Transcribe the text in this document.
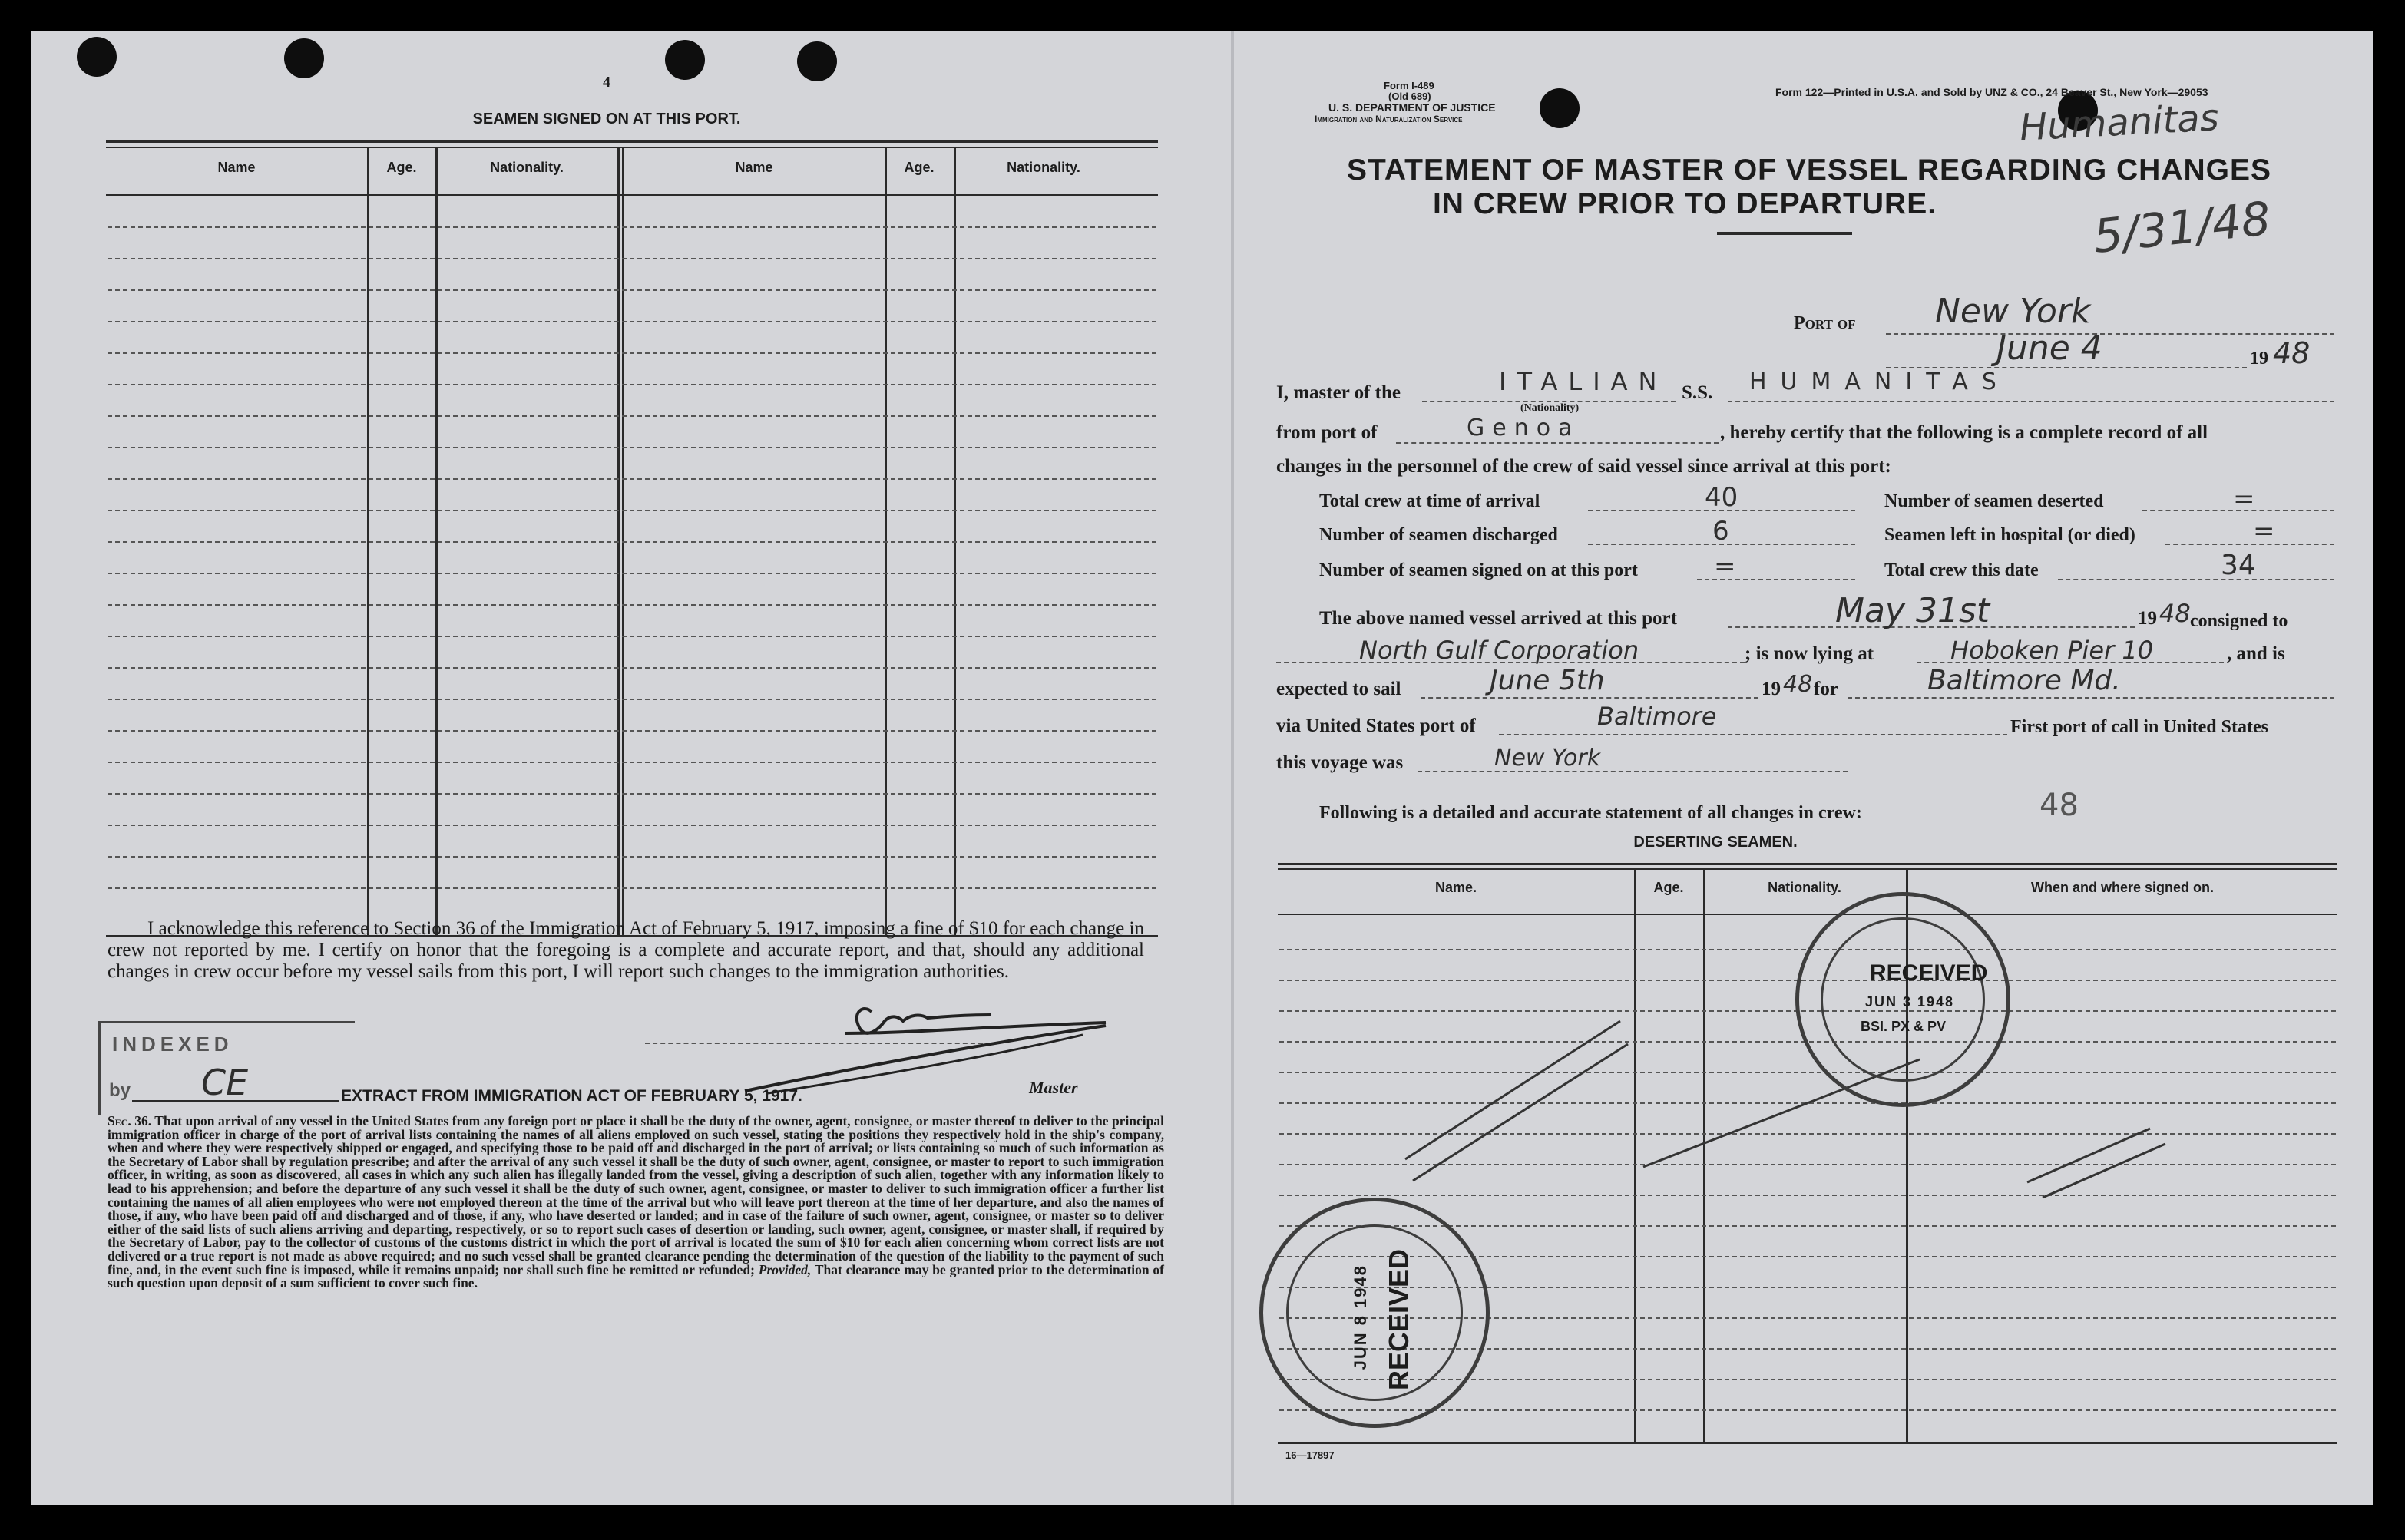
4
SEAMEN SIGNED ON AT THIS PORT.
Name	Age.	Nationality.	Name	Age.	Nationality.
I acknowledge this reference to Section 36 of the Immigration Act of February 5, 1917, imposing a fine of $10 for each change in crew not reported by me. I certify on honor that the foregoing is a complete and accurate report, and that, should any additional changes in crew occur before my vessel sails from this port, I will report such changes to the immigration authorities.
Master
INDEXED
by CE	EXTRACT FROM IMMIGRATION ACT OF FEBRUARY 5, 1917.
Sec. 36. That upon arrival of any vessel in the United States from any foreign port or place it shall be the duty of the owner, agent, consignee, or master thereof to deliver to the principal immigration officer in charge of the port of arrival lists containing the names of all aliens employed on such vessel, stating the positions they respectively hold in the ship's company, when and where they were respectively shipped or engaged, and specifying those to be paid off and discharged in the port of arrival; or lists containing so much of such information as the Secretary of Labor shall by regulation prescribe; and after the arrival of any such vessel it shall be the duty of such owner, agent, consignee, or master to report to such immigration officer, in writing, as soon as discovered, all cases in which any such alien has illegally landed from the vessel, giving a description of such alien, together with any information likely to lead to his apprehension; and before the departure of any such vessel it shall be the duty of such owner, agent, consignee, or master to deliver to such immigration officer a further list containing the names of all alien employees who were not employed thereon at the time of the arrival but who will leave port thereon at the time of her departure, and also the names of those, if any, who have been paid off and discharged and of those, if any, who have deserted or landed; and in case of the failure of such owner, agent, consignee, or master so to deliver either of the said lists of such aliens arriving and departing, respectively, or so to report such cases of desertion or landing, such owner, agent, consignee, or master shall, if required by the Secretary of Labor, pay to the collector of customs of the customs district in which the port of arrival is located the sum of $10 for each alien concerning whom correct lists are not delivered or a true report is not made as above required; and no such vessel shall be granted clearance pending the determination of the question of the liability to the payment of such fine, and, in the event such fine is imposed, while it remains unpaid; nor shall such fine be remitted or refunded; Provided, That clearance may be granted prior to the determination of such question upon deposit of a sum sufficient to cover such fine.
Form I-489
(Old 689)
U. S. DEPARTMENT OF JUSTICE
Immigration and Naturalization Service
Form 122—Printed in U.S.A. and Sold by UNZ & CO., 24 Beaver St., New York—29053
Humanitas
5/31/48
STATEMENT OF MASTER OF VESSEL REGARDING CHANGES
IN CREW PRIOR TO DEPARTURE.
Port of New York
June 4	19 48
I, master of the	ITALIAN
(Nationality)
S.S. HUMANITAS
from port of	Genoa	, hereby certify that the following is a complete record of all
changes in the personnel of the crew of said vessel since arrival at this port:
Total crew at time of arrival	40
Number of seamen discharged	6
Number of seamen signed on at this port	=
Number of seamen deserted	=
Seamen left in hospital (or died)	=
Total crew this date	34
The above named vessel arrived at this port	May 31st	19 48 consigned to
North Gulf Corporation	; is now lying at	Hoboken Pier 10	, and is
expected to sail	June 5th	19 48 for	Baltimore Md.
via United States port of	Baltimore	First port of call in United States
this voyage was	New York
Following is a detailed and accurate statement of all changes in crew:	48
DESERTING SEAMEN.
Name.	Age.	Nationality.	When and where signed on.
RECEIVED
JUN 3 1948
BSI. PX & PV
RECEIVED
JUN 8 1948
16—17897
